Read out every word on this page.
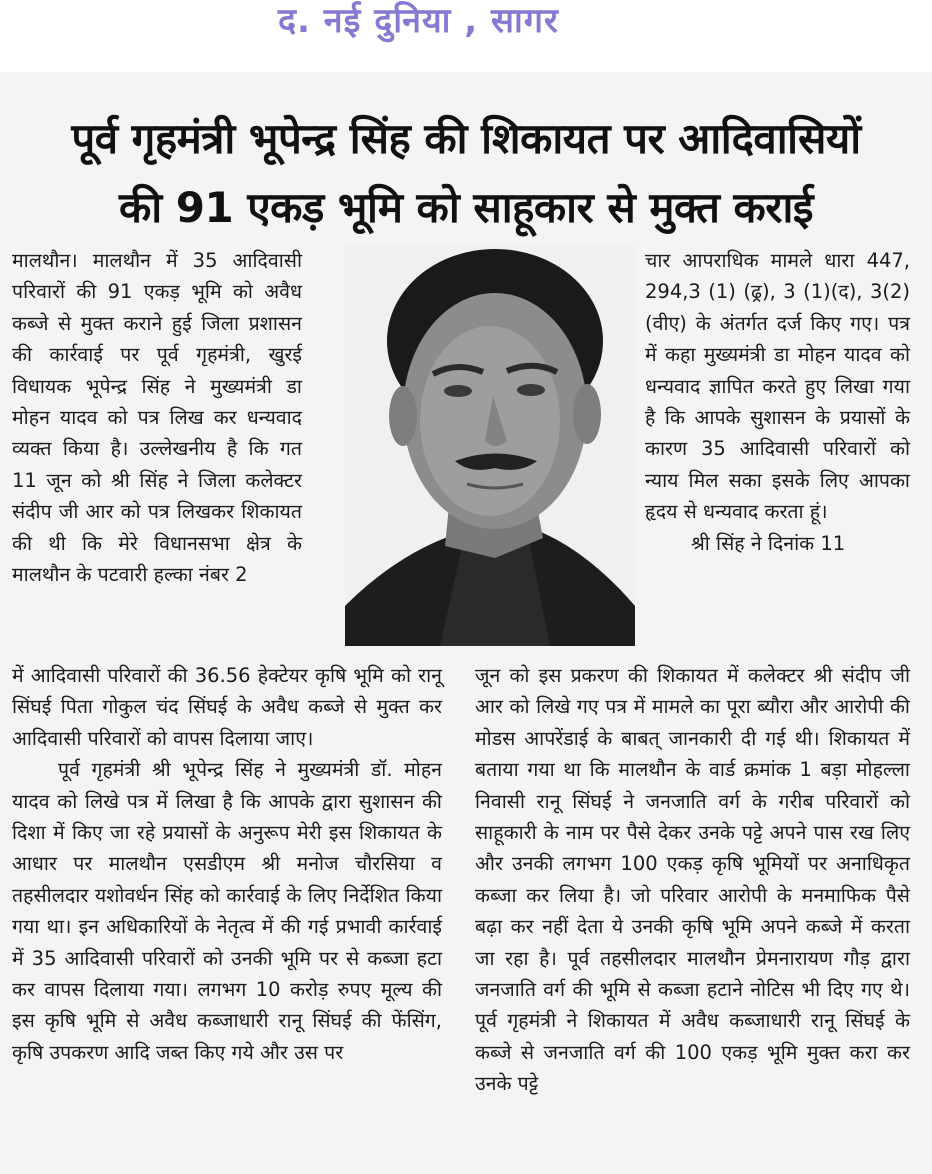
द. नई दुनिया , सागर
पूर्व गृहमंत्री भूपेन्द्र सिंह की शिकायत पर आदिवासियों
की 91 एकड़ भूमि को साहूकार से मुक्त कराई

मालथौन। मालथौन में 35 आदिवासी परिवारों की 91 एकड़ भूमि को अवैध कब्जे से मुक्त कराने हुई जिला प्रशासन की कार्रवाई पर पूर्व गृहमंत्री, खुरई विधायक भूपेन्द्र सिंह ने मुख्यमंत्री डा मोहन यादव को पत्र लिख कर धन्यवाद व्यक्त किया है। उल्लेखनीय है कि गत 11 जून को श्री सिंह ने जिला कलेक्टर संदीप जी आर को पत्र लिखकर शिकायत की थी कि मेरे विधानसभा क्षेत्र के मालथौन के पटवारी हल्का नंबर 2

चार आपराधिक मामले धारा 447, 294,3 (1) (ढ्र), 3 (1)(द), 3(2) (वीए) के अंतर्गत दर्ज किए गए। पत्र में कहा मुख्यमंत्री डा मोहन यादव को धन्यवाद ज्ञापित करते हुए लिखा गया है कि आपके सुशासन के प्रयासों के कारण 35 आदिवासी परिवारों को न्याय मिल सका इसके लिए आपका हृदय से धन्यवाद करता हूं।

श्री सिंह ने दिनांक 11

में आदिवासी परिवारों की 36.56 हेक्टेयर कृषि भूमि को रानू सिंघई पिता गोकुल चंद सिंघई के अवैध कब्जे से मुक्त कर आदिवासी परिवारों को वापस दिलाया जाए।

पूर्व गृहमंत्री श्री भूपेन्द्र सिंह ने मुख्यमंत्री डॉ. मोहन यादव को लिखे पत्र में लिखा है कि आपके द्वारा सुशासन की दिशा में किए जा रहे प्रयासों के अनुरूप मेरी इस शिकायत के आधार पर मालथौन एसडीएम श्री मनोज चौरसिया व तहसीलदार यशोवर्धन सिंह को कार्रवाई के लिए निर्देशित किया गया था। इन अधिकारियों के नेतृत्व में की गई प्रभावी कार्रवाई में 35 आदिवासी परिवारों को उनकी भूमि पर से कब्जा हटा कर वापस दिलाया गया। लगभग 10 करोड़ रुपए मूल्य की इस कृषि भूमि से अवैध कब्जाधारी रानू सिंघई की फेंसिंग, कृषि उपकरण आदि जब्त किए गये और उस पर

जून को इस प्रकरण की शिकायत में कलेक्टर श्री संदीप जी आर को लिखे गए पत्र में मामले का पूरा ब्यौरा और आरोपी की मोडस आपरेंडाई के बाबत् जानकारी दी गई थी। शिकायत में बताया गया था कि मालथौन के वार्ड क्रमांक 1 बड़ा मोहल्ला निवासी रानू सिंघई ने जनजाति वर्ग के गरीब परिवारों को साहूकारी के नाम पर पैसे देकर उनके पट्टे अपने पास रख लिए और उनकी लगभग 100 एकड़ कृषि भूमियों पर अनाधिकृत कब्जा कर लिया है। जो परिवार आरोपी के मनमाफिक पैसे बढ़ा कर नहीं देता ये उनकी कृषि भूमि अपने कब्जे में करता जा रहा है। पूर्व तहसीलदार मालथौन प्रेमनारायण गौड़ द्वारा जनजाति वर्ग की भूमि से कब्जा हटाने नोटिस भी दिए गए थे। पूर्व गृहमंत्री ने शिकायत में अवैध कब्जाधारी रानू सिंघई के कब्जे से जनजाति वर्ग की 100 एकड़ भूमि मुक्त करा कर उनके पट्टे
